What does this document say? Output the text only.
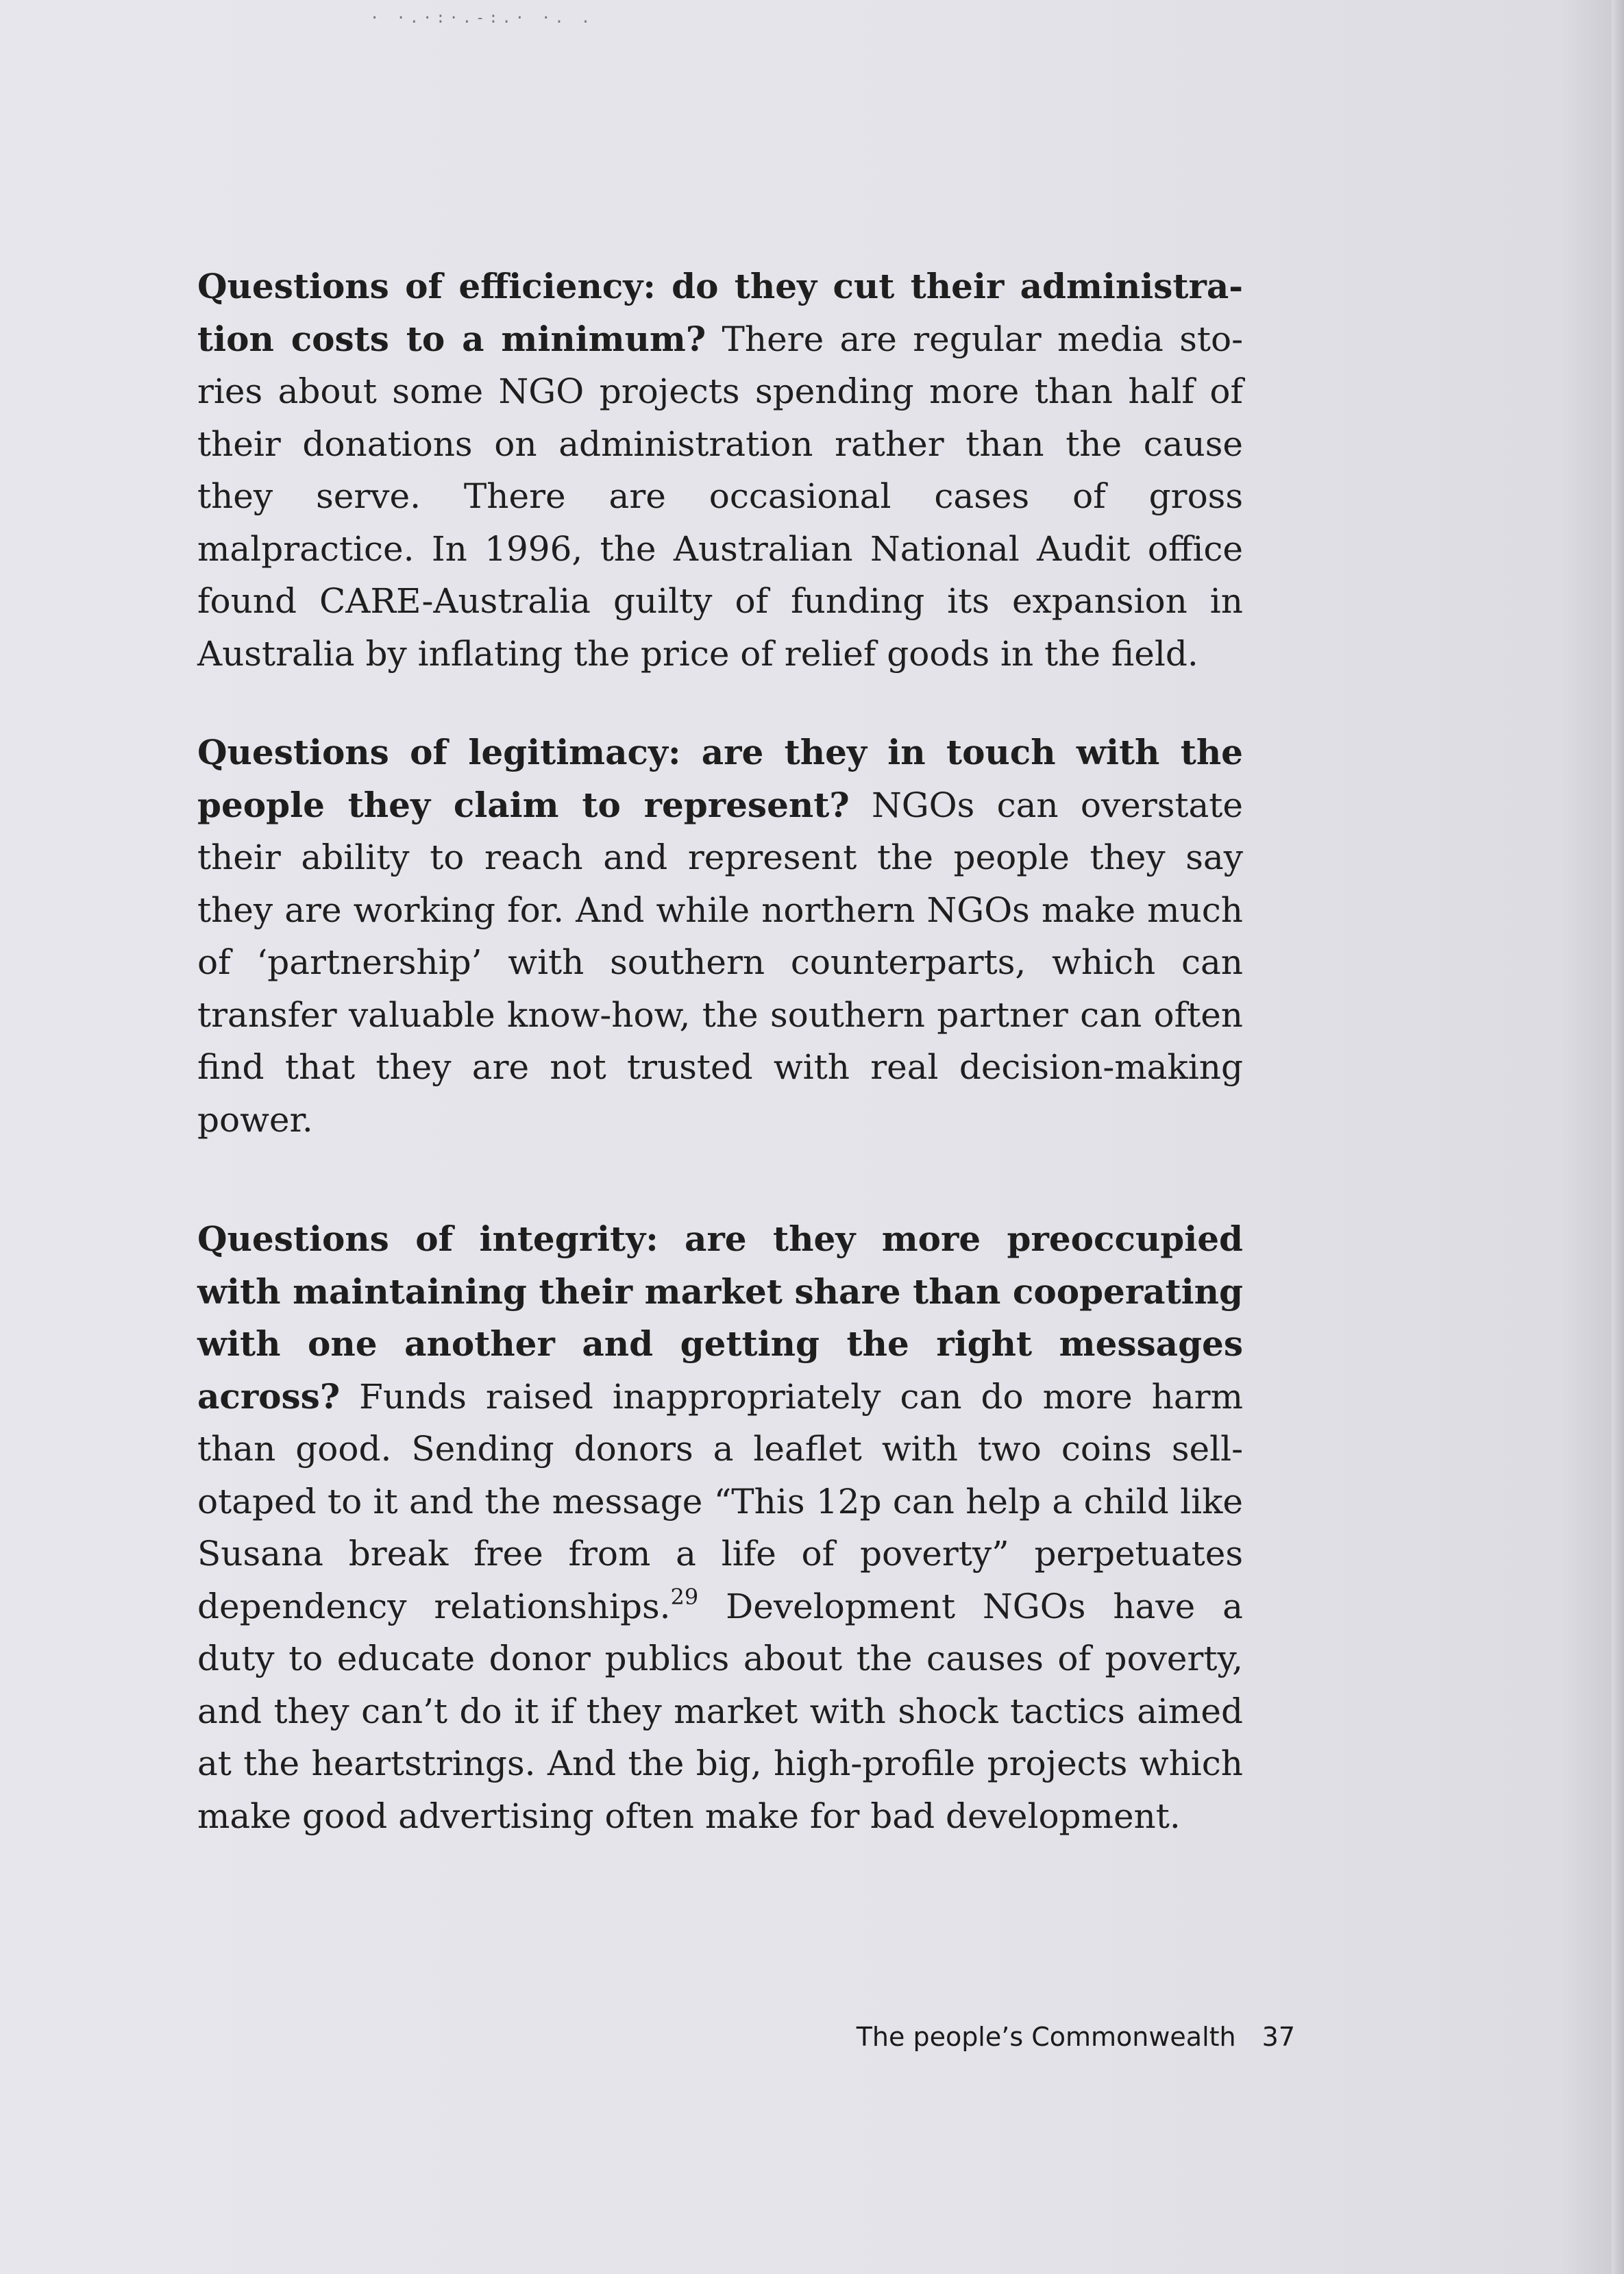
· ·.·:·.-:.· ·. .

Questions of efficiency: do they cut their administration costs to a minimum? There are regular media stories about some NGO projects spending more than half of their donations on administration rather than the cause they serve. There are occasional cases of gross malpractice. In 1996, the Australian National Audit office found CARE-Australia guilty of funding its expansion in Australia by inflating the price of relief goods in the field.

Questions of legitimacy: are they in touch with the people they claim to represent? NGOs can overstate their ability to reach and represent the people they say they are working for. And while northern NGOs make much of ‘partnership’ with southern counterparts, which can transfer valuable know-how, the southern partner can often find that they are not trusted with real decision-making power.

Questions of integrity: are they more preoccupied with maintaining their market share than cooperating with one another and getting the right messages across? Funds raised inappropriately can do more harm than good. Sending donors a leaflet with two coins sellotaped to it and the message “This 12p can help a child like Susana break free from a life of poverty” perpetuates dependency relationships.$^{29}$ Development NGOs have a duty to educate donor publics about the causes of poverty, and they can’t do it if they market with shock tactics aimed at the heartstrings. And the big, high-profile projects which make good advertising often make for bad development.

The people’s Commonwealth 37
